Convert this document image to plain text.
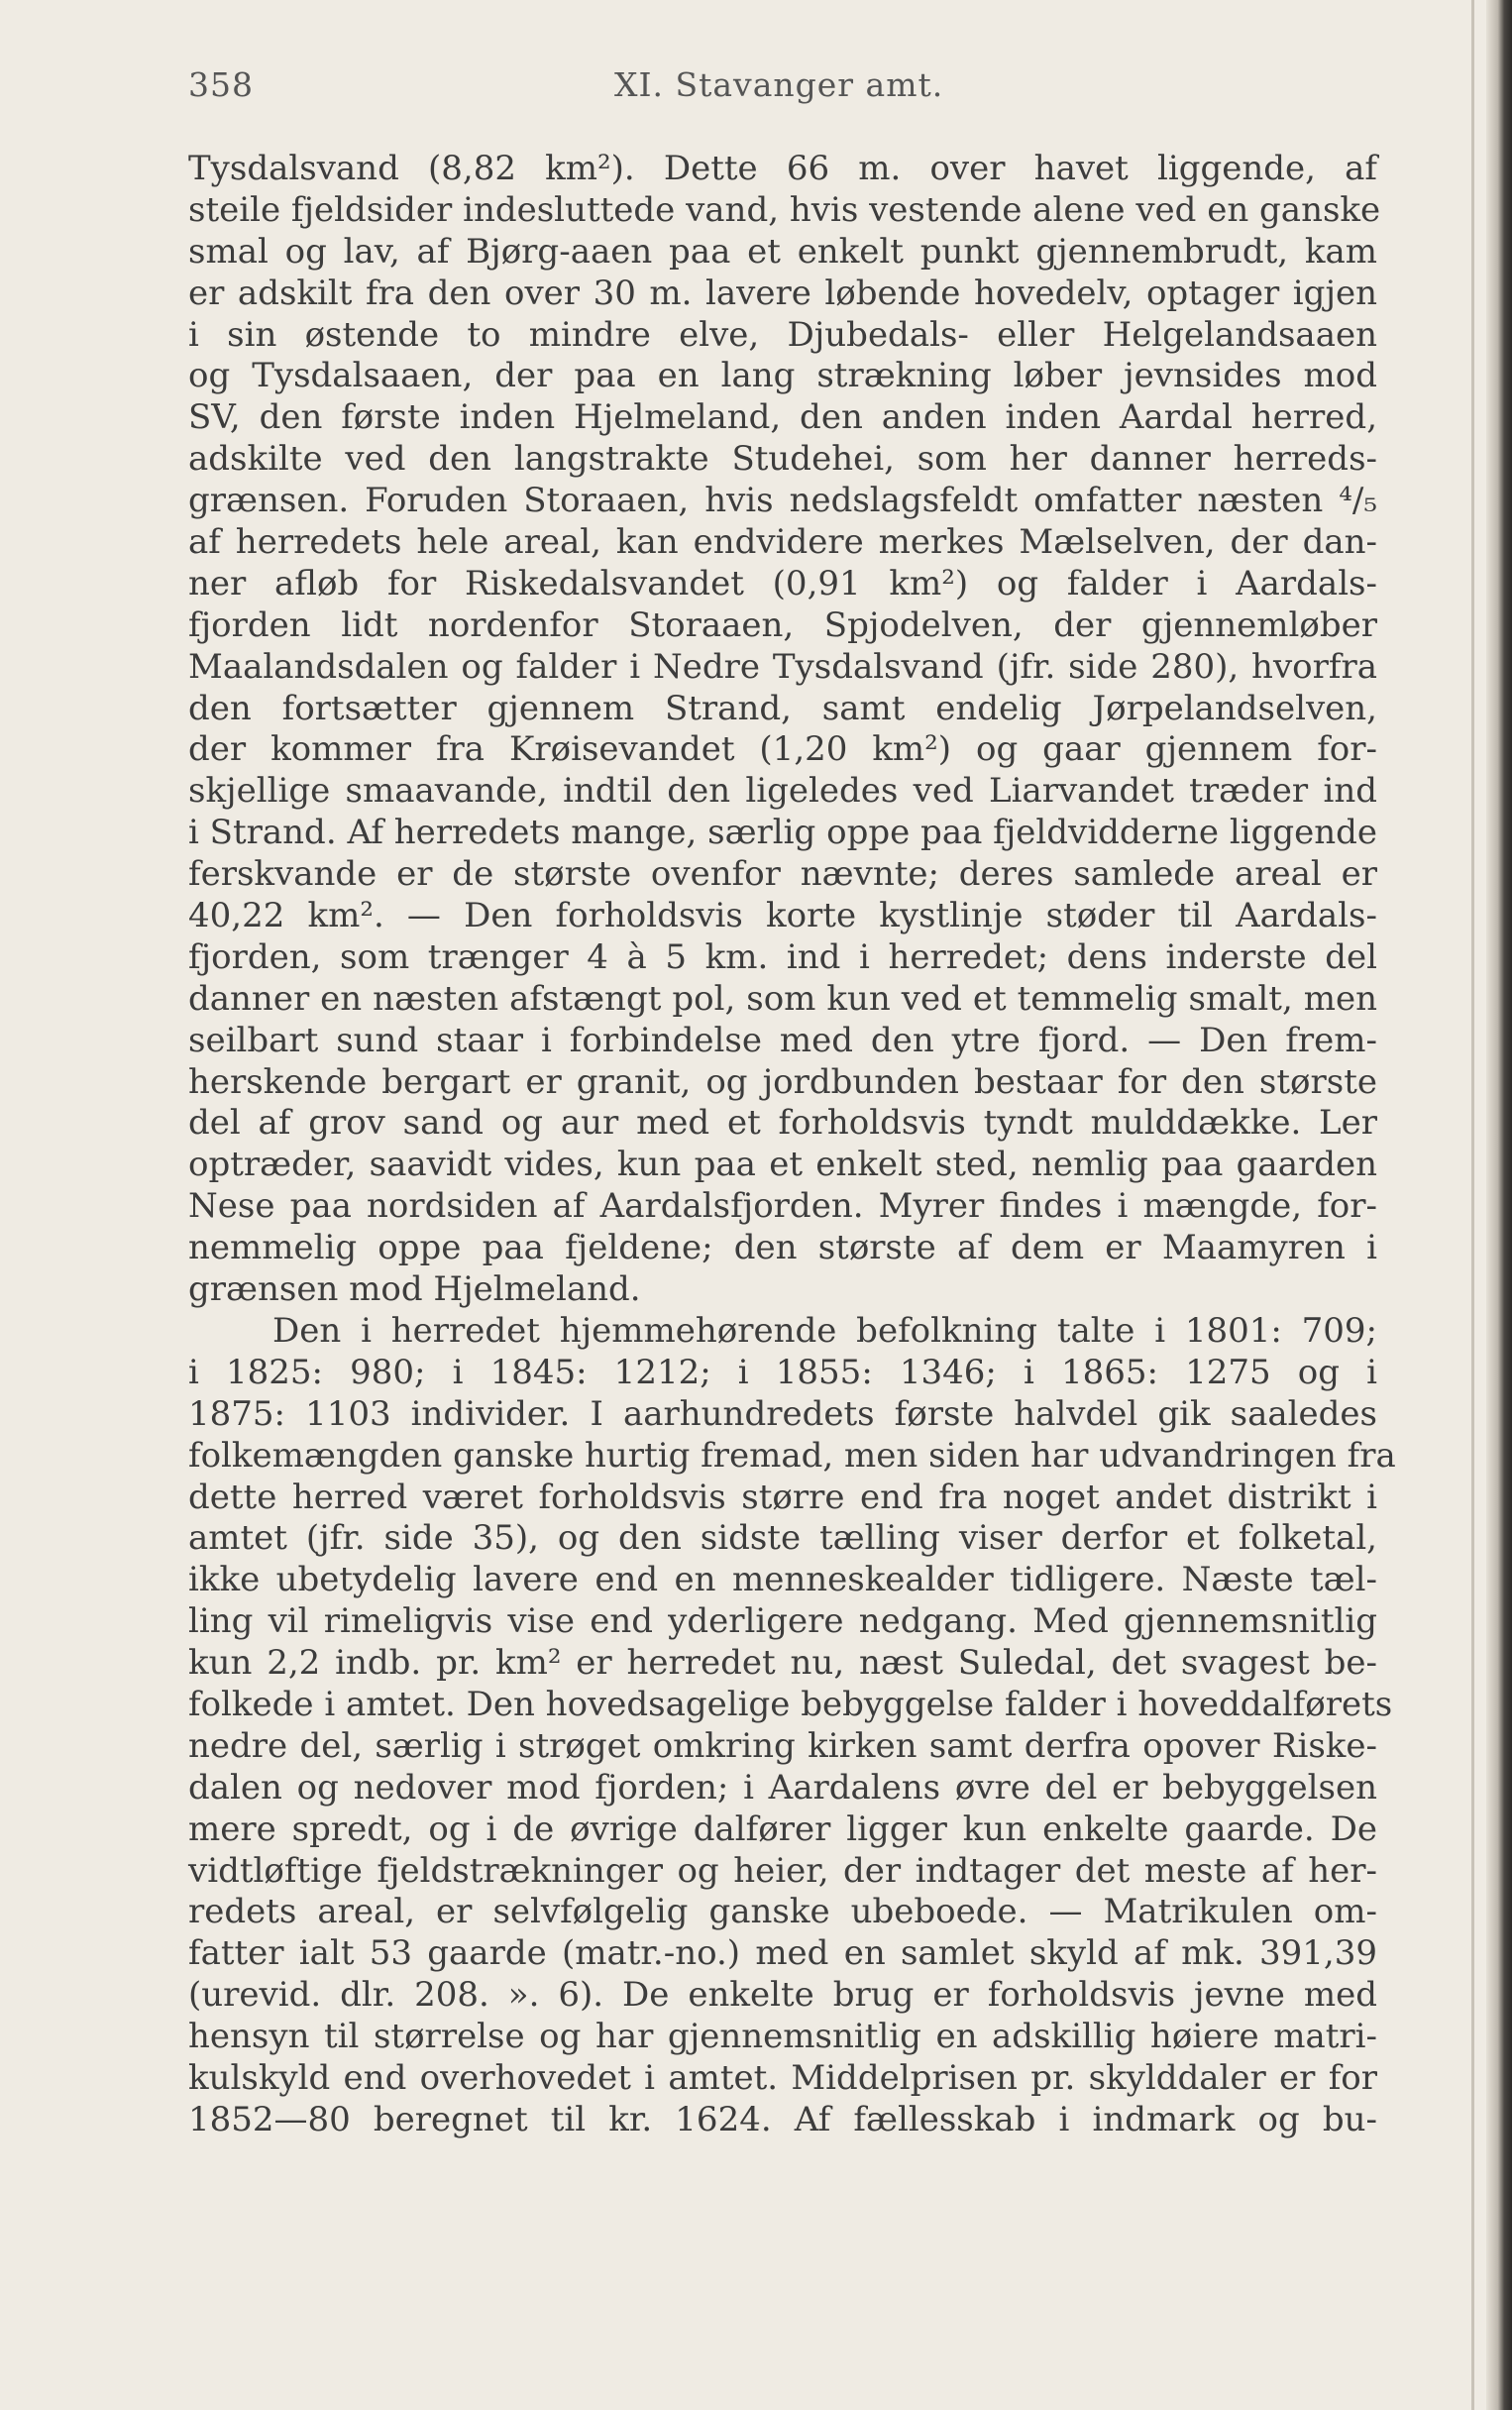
358	XI. Stavanger amt.
Tysdalsvand (8,82 km²). Dette 66 m. over havet liggende, af
steile fjeldsider indesluttede vand, hvis vestende alene ved en ganske
smal og lav, af Bjørg-aaen paa et enkelt punkt gjennembrudt, kam
er adskilt fra den over 30 m. lavere løbende hovedelv, optager igjen
i sin østende to mindre elve, Djubedals- eller Helgelandsaaen
og Tysdalsaaen, der paa en lang strækning løber jevnsides mod
SV, den første inden Hjelmeland, den anden inden Aardal herred,
adskilte ved den langstrakte Studehei, som her danner herreds-
grænsen. Foruden Storaaen, hvis nedslagsfeldt omfatter næsten ⁴/₅
af herredets hele areal, kan endvidere merkes Mælselven, der dan-
ner afløb for Riskedalsvandet (0,91 km²) og falder i Aardals-
fjorden lidt nordenfor Storaaen, Spjodelven, der gjennemløber
Maalandsdalen og falder i Nedre Tysdalsvand (jfr. side 280), hvorfra
den fortsætter gjennem Strand, samt endelig Jørpelandselven,
der kommer fra Krøisevandet (1,20 km²) og gaar gjennem for-
skjellige smaavande, indtil den ligeledes ved Liarvandet træder ind
i Strand. Af herredets mange, særlig oppe paa fjeldvidderne liggende
ferskvande er de største ovenfor nævnte; deres samlede areal er
40,22 km². — Den forholdsvis korte kystlinje støder til Aardals-
fjorden, som trænger 4 à 5 km. ind i herredet; dens inderste del
danner en næsten afstængt pol, som kun ved et temmelig smalt, men
seilbart sund staar i forbindelse med den ytre fjord. — Den frem-
herskende bergart er granit, og jordbunden bestaar for den største
del af grov sand og aur med et forholdsvis tyndt mulddække. Ler
optræder, saavidt vides, kun paa et enkelt sted, nemlig paa gaarden
Nese paa nordsiden af Aardalsfjorden. Myrer findes i mængde, for-
nemmelig oppe paa fjeldene; den største af dem er Maamyren i
grænsen mod Hjelmeland.
Den i herredet hjemmehørende befolkning talte i 1801: 709;
i 1825: 980; i 1845: 1212; i 1855: 1346; i 1865: 1275 og i
1875: 1103 individer. I aarhundredets første halvdel gik saaledes
folkemængden ganske hurtig fremad, men siden har udvandringen fra
dette herred været forholdsvis større end fra noget andet distrikt i
amtet (jfr. side 35), og den sidste tælling viser derfor et folketal,
ikke ubetydelig lavere end en menneskealder tidligere. Næste tæl-
ling vil rimeligvis vise end yderligere nedgang. Med gjennemsnitlig
kun 2,2 indb. pr. km² er herredet nu, næst Suledal, det svagest be-
folkede i amtet. Den hovedsagelige bebyggelse falder i hoveddalførets
nedre del, særlig i strøget omkring kirken samt derfra opover Riske-
dalen og nedover mod fjorden; i Aardalens øvre del er bebyggelsen
mere spredt, og i de øvrige dalfører ligger kun enkelte gaarde. De
vidtløftige fjeldstrækninger og heier, der indtager det meste af her-
redets areal, er selvfølgelig ganske ubeboede. — Matrikulen om-
fatter ialt 53 gaarde (matr.-no.) med en samlet skyld af mk. 391,39
(urevid. dlr. 208. ». 6). De enkelte brug er forholdsvis jevne med
hensyn til størrelse og har gjennemsnitlig en adskillig høiere matri-
kulskyld end overhovedet i amtet. Middelprisen pr. skylddaler er for
1852—80 beregnet til kr. 1624. Af fællesskab i indmark og bu-
